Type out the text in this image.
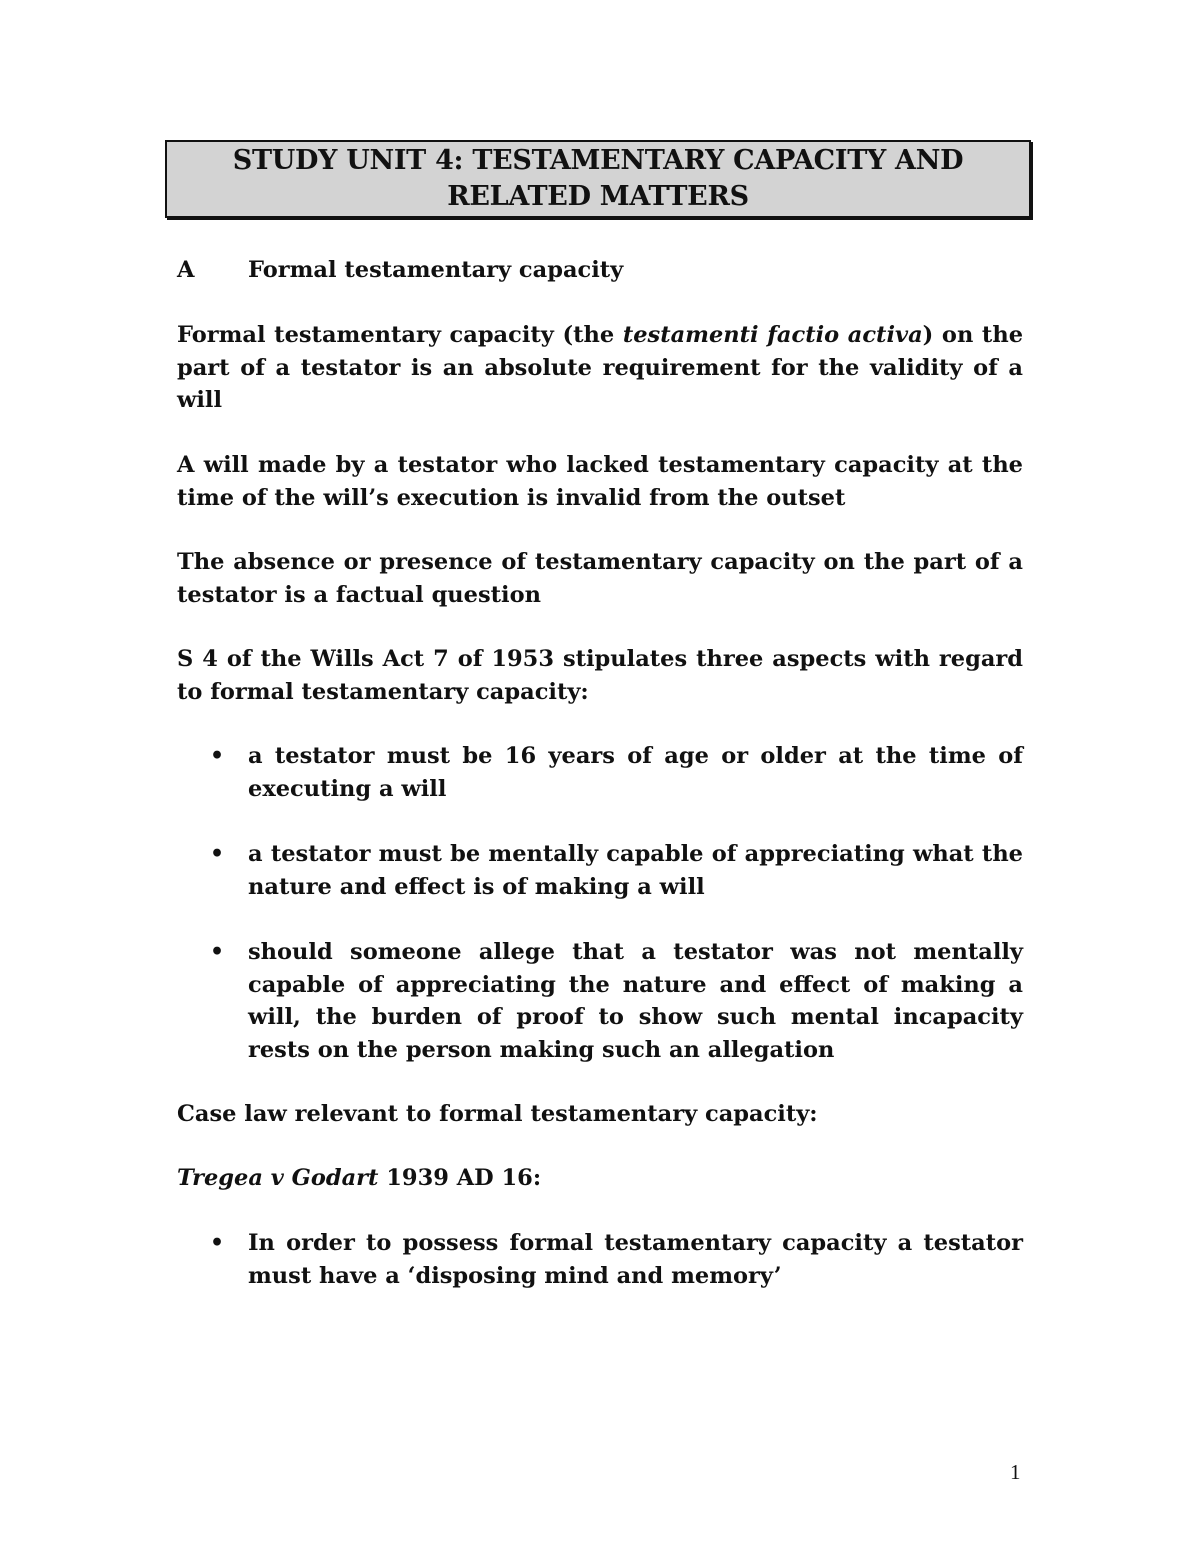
STUDY UNIT 4: TESTAMENTARY CAPACITY AND RELATED MATTERS
A Formal testamentary capacity
Formal testamentary capacity (the testamenti factio activa) on the part of a testator is an absolute requirement for the validity of a will
A will made by a testator who lacked testamentary capacity at the time of the will’s execution is invalid from the outset
The absence or presence of testamentary capacity on the part of a testator is a factual question
S 4 of the Wills Act 7 of 1953 stipulates three aspects with regard to formal testamentary capacity:
• a testator must be 16 years of age or older at the time of executing a will
• a testator must be mentally capable of appreciating what the nature and effect is of making a will
• should someone allege that a testator was not mentally capable of appreciating the nature and effect of making a will, the burden of proof to show such mental incapacity rests on the person making such an allegation
Case law relevant to formal testamentary capacity:
Tregea v Godart 1939 AD 16:
• In order to possess formal testamentary capacity a testator must have a ‘disposing mind and memory’
1
